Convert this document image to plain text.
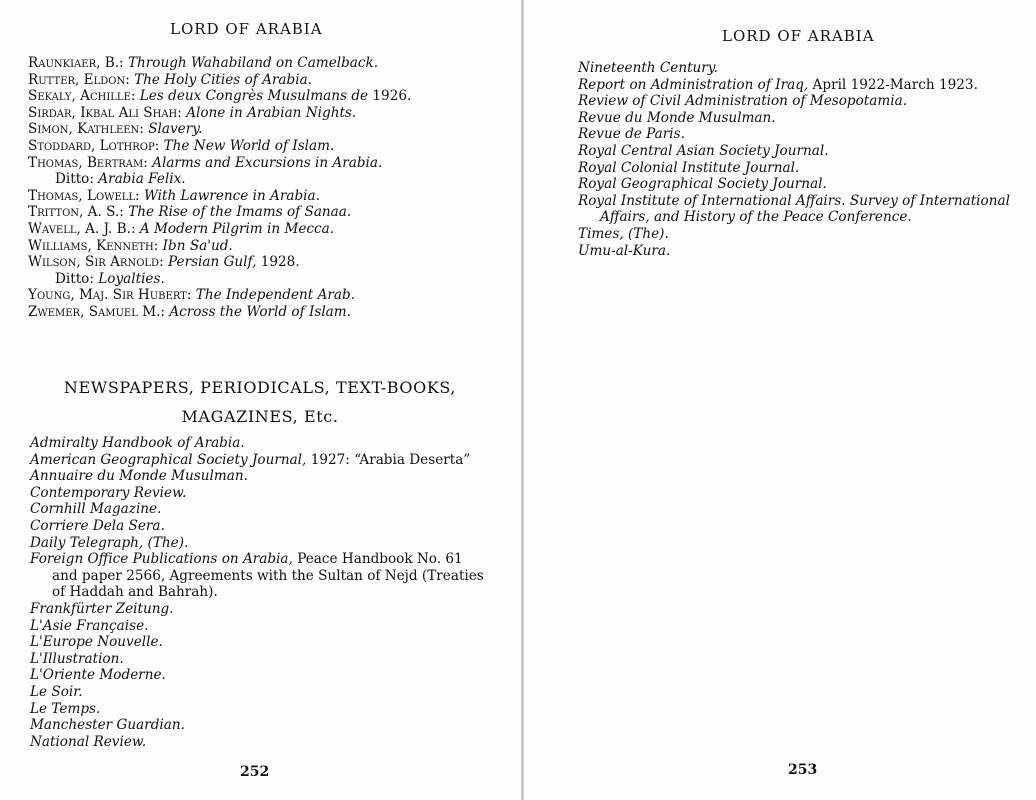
LORD OF ARABIA
Raunkiaer, B.: Through Wahabiland on Camelback.
Rutter, Eldon: The Holy Cities of Arabia.
Sekaly, Achille: Les deux Congrès Musulmans de 1926.
Sirdar, Ikbal Ali Shah: Alone in Arabian Nights.
Simon, Kathleen: Slavery.
Stoddard, Lothrop: The New World of Islam.
Thomas, Bertram: Alarms and Excursions in Arabia.
Ditto: Arabia Felix.
Thomas, Lowell: With Lawrence in Arabia.
Tritton, A. S.: The Rise of the Imams of Sanaa.
Wavell, A. J. B.: A Modern Pilgrim in Mecca.
Williams, Kenneth: Ibn Sa'ud.
Wilson, Sir Arnold: Persian Gulf, 1928.
Ditto: Loyalties.
Young, Maj. Sir Hubert: The Independent Arab.
Zwemer, Samuel M.: Across the World of Islam.
NEWSPAPERS, PERIODICALS, TEXT-BOOKS,
MAGAZINES, Etc.
Admiralty Handbook of Arabia.
American Geographical Society Journal, 1927: “Arabia Deserta”
Annuaire du Monde Musulman.
Contemporary Review.
Cornhill Magazine.
Corriere Dela Sera.
Daily Telegraph, (The).
Foreign Office Publications on Arabia, Peace Handbook No. 61 and paper 2566, Agreements with the Sultan of Nejd (Treaties of Haddah and Bahrah).
Frankfürter Zeitung.
L'Asie Française.
L'Europe Nouvelle.
L'Illustration.
L'Oriente Moderne.
Le Soir.
Le Temps.
Manchester Guardian.
National Review.
252
LORD OF ARABIA
Nineteenth Century.
Report on Administration of Iraq, April 1922-March 1923.
Review of Civil Administration of Mesopotamia.
Revue du Monde Musulman.
Revue de Paris.
Royal Central Asian Society Journal.
Royal Colonial Institute Journal.
Royal Geographical Society Journal.
Royal Institute of International Affairs. Survey of International Affairs, and History of the Peace Conference.
Times, (The).
Umu-al-Kura.
253
